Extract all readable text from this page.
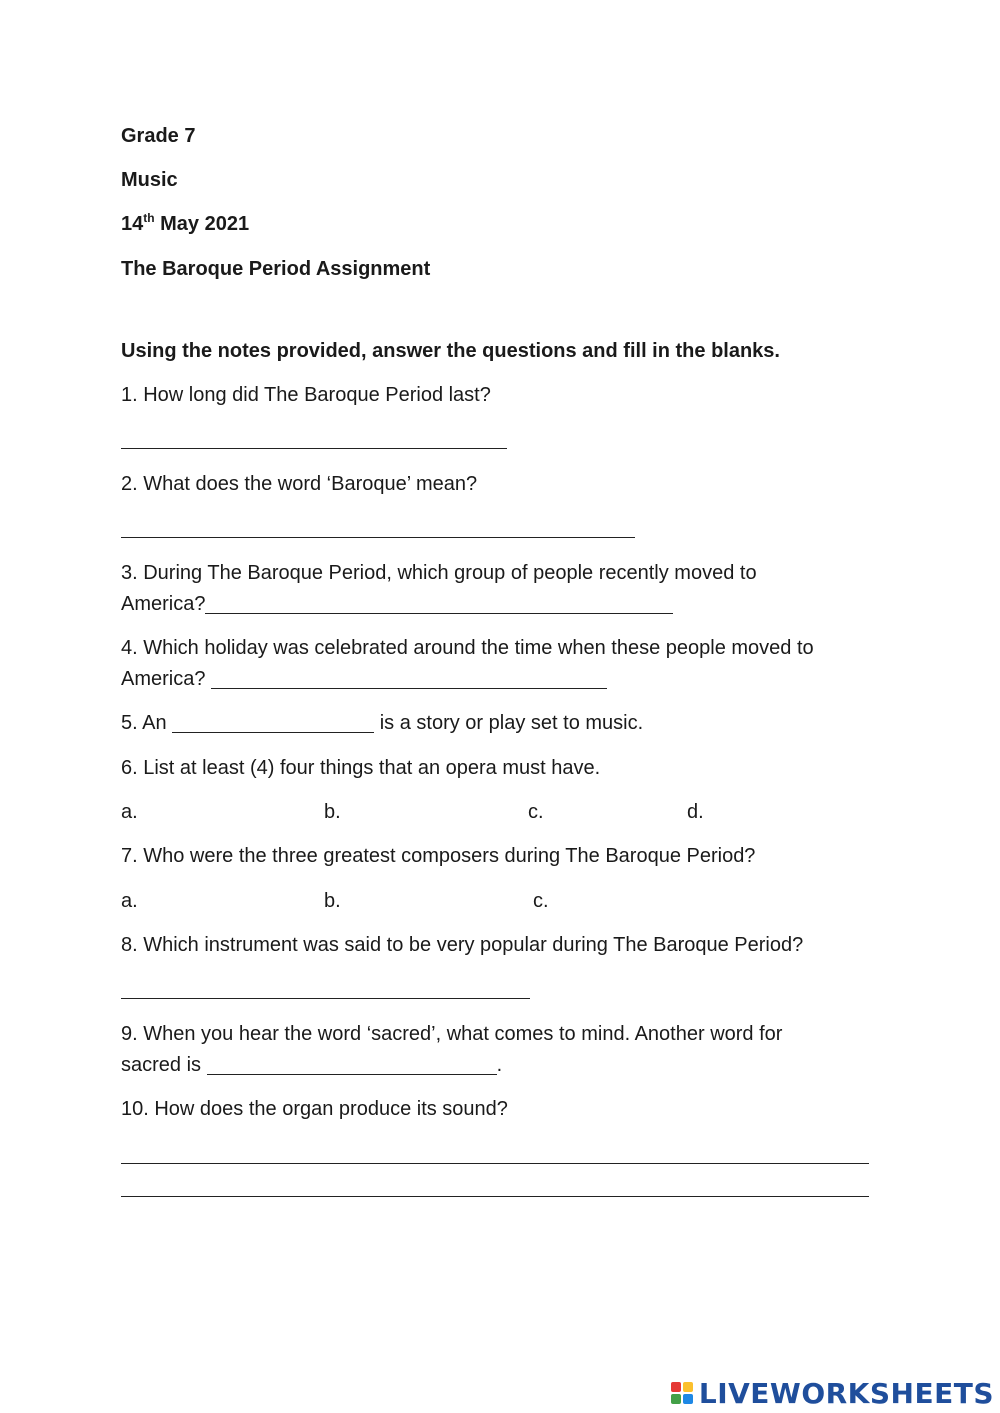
Grade 7
Music
14th May 2021
The Baroque Period Assignment
Using the notes provided, answer the questions and fill in the blanks.
1. How long did The Baroque Period last?
2. What does the word ‘Baroque’ mean?
3. During The Baroque Period, which group of people recently moved to
America?
4. Which holiday was celebrated around the time when these people moved to
America?
5. An	is a story or play set to music.
6. List at least (4) four things that an opera must have.
a.	b.	c.	d.
7. Who were the three greatest composers during The Baroque Period?
a.	b.	c.
8. Which instrument was said to be very popular during The Baroque Period?
9. When you hear the word ‘sacred’, what comes to mind. Another word for
sacred is	.
10. How does the organ produce its sound?
LIVEWORKSHEETS
